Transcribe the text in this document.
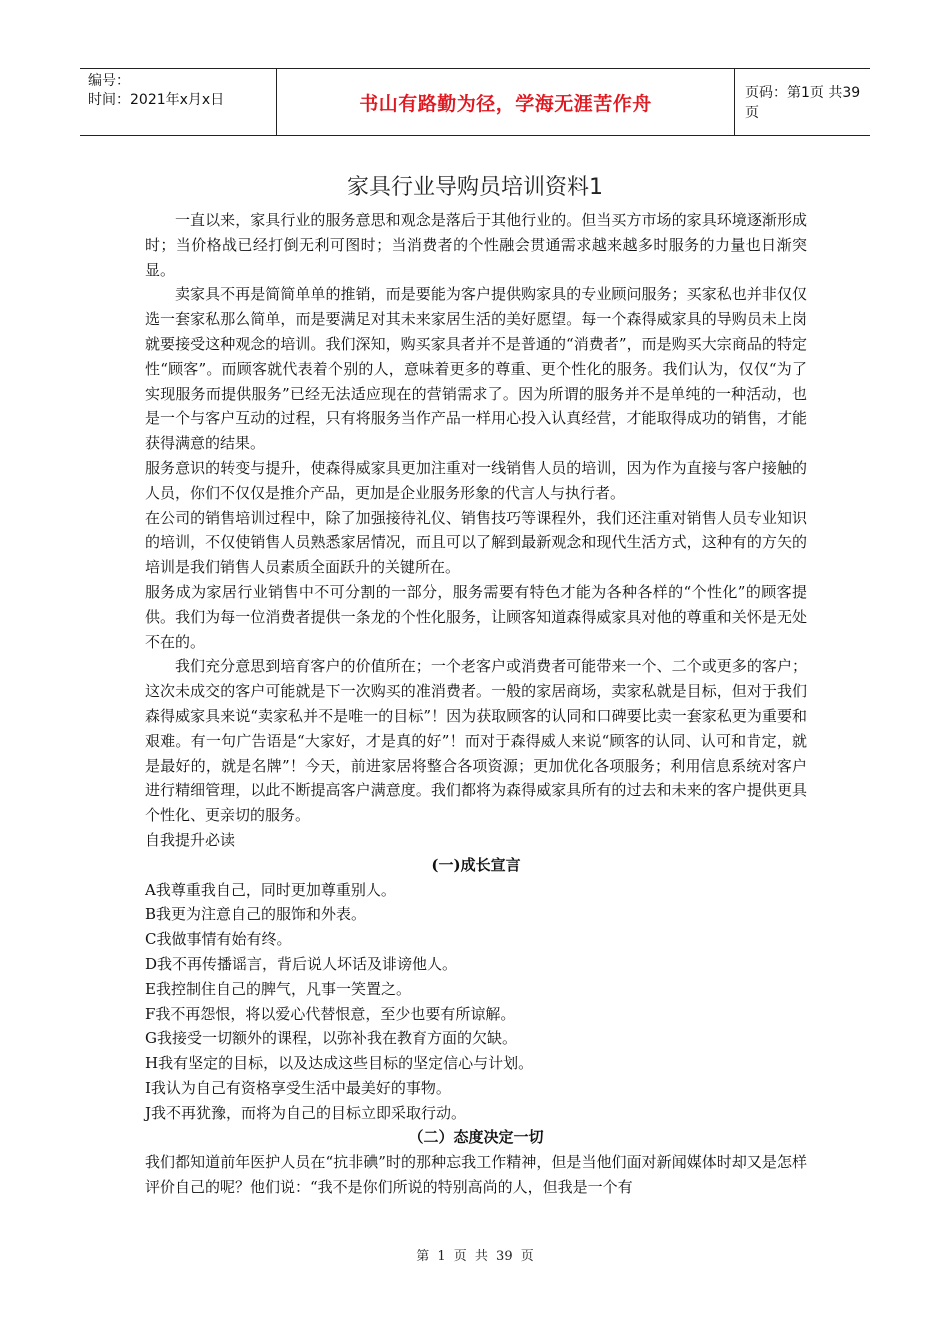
编号：
时间：2021年x月x日	书山有路勤为径，学海无涯苦作舟	页码：第1页 共39页
家具行业导购员培训资料1

一直以来，家具行业的服务意思和观念是落后于其他行业的。但当买方市场的家具环境逐渐形成时；当价格战已经打倒无利可图时；当消费者的个性融会贯通需求越来越多时服务的力量也日渐突显。

卖家具不再是简简单单的推销，而是要能为客户提供购家具的专业顾问服务；买家私也并非仅仅选一套家私那么简单，而是要满足对其未来家居生活的美好愿望。每一个森得威家具的导购员未上岗就要接受这种观念的培训。我们深知，购买家具者并不是普通的“消费者”，而是购买大宗商品的特定性“顾客”。而顾客就代表着个别的人，意味着更多的尊重、更个性化的服务。我们认为，仅仅“为了实现服务而提供服务”已经无法适应现在的营销需求了。因为所谓的服务并不是单纯的一种活动，也是一个与客户互动的过程，只有将服务当作产品一样用心投入认真经营，才能取得成功的销售，才能获得满意的结果。

服务意识的转变与提升，使森得威家具更加注重对一线销售人员的培训，因为作为直接与客户接触的人员，你们不仅仅是推介产品，更加是企业服务形象的代言人与执行者。

在公司的销售培训过程中，除了加强接待礼仪、销售技巧等课程外，我们还注重对销售人员专业知识的培训，不仅使销售人员熟悉家居情况，而且可以了解到最新观念和现代生活方式，这种有的方矢的培训是我们销售人员素质全面跃升的关键所在。

服务成为家居行业销售中不可分割的一部分，服务需要有特色才能为各种各样的“个性化”的顾客提供。我们为每一位消费者提供一条龙的个性化服务，让顾客知道森得威家具对他的尊重和关怀是无处不在的。

我们充分意思到培育客户的价值所在；一个老客户或消费者可能带来一个、二个或更多的客户；这次未成交的客户可能就是下一次购买的准消费者。一般的家居商场，卖家私就是目标，但对于我们森得威家具来说“卖家私并不是唯一的目标”！因为获取顾客的认同和口碑要比卖一套家私更为重要和艰难。有一句广告语是“大家好，才是真的好”！而对于森得威人来说“顾客的认同、认可和肯定，就是最好的，就是名牌”！今天，前进家居将整合各项资源；更加优化各项服务；利用信息系统对客户进行精细管理，以此不断提高客户满意度。我们都将为森得威家具所有的过去和未来的客户提供更具个性化、更亲切的服务。

自我提升必读

(一)成长宣言

A我尊重我自己，同时更加尊重别人。

B我更为注意自己的服饰和外表。

C我做事情有始有终。

D我不再传播谣言，背后说人坏话及诽谤他人。

E我控制住自己的脾气，凡事一笑置之。

F我不再怨恨，将以爱心代替恨意，至少也要有所谅解。

G我接受一切额外的课程，以弥补我在教育方面的欠缺。

H我有坚定的目标，以及达成这些目标的坚定信心与计划。

I我认为自己有资格享受生活中最美好的事物。

J我不再犹豫，而将为自己的目标立即采取行动。

（二）态度决定一切

我们都知道前年医护人员在“抗非碘”时的那种忘我工作精神，但是当他们面对新闻媒体时却又是怎样评价自己的呢？他们说：“我不是你们所说的特别高尚的人，但我是一个有

第 1 页 共 39 页
